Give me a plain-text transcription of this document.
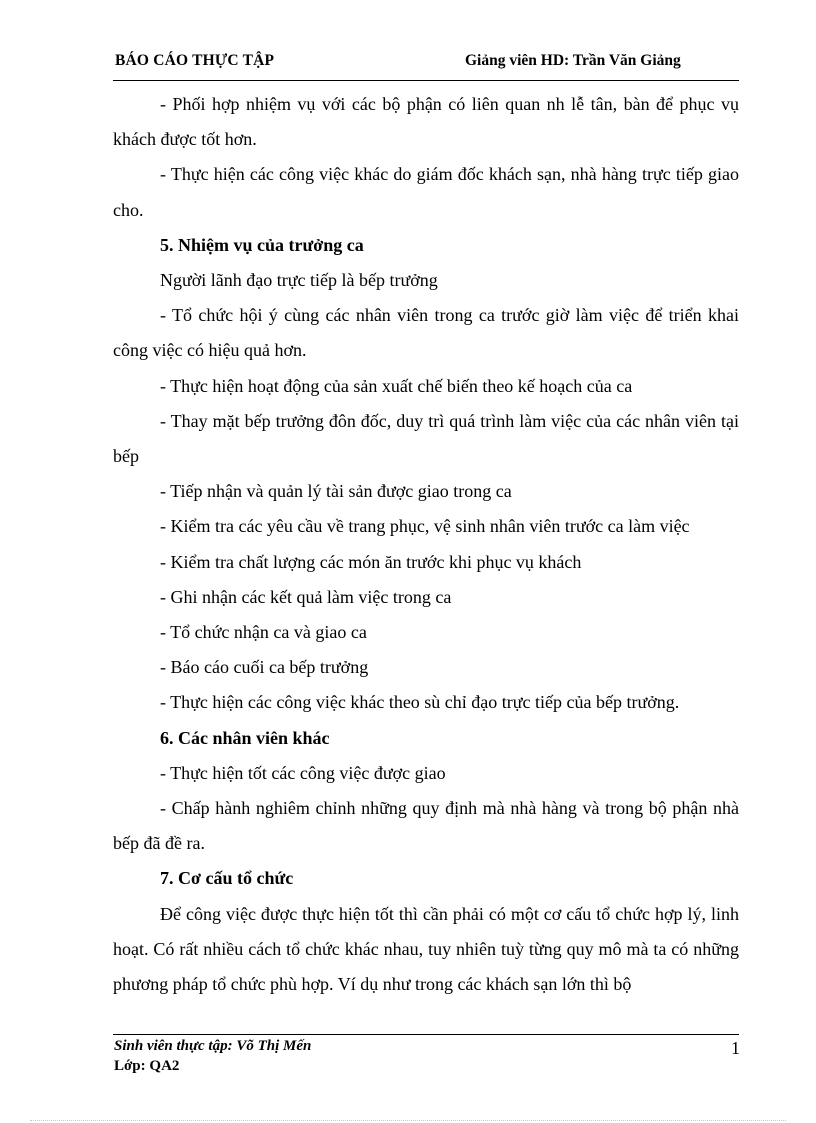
BÁO CÁO THỰC TẬP	Giảng viên HD: Trần Văn Giảng

- Phối hợp nhiệm vụ với các bộ phận có liên quan nh lễ tân, bàn để phục vụ khách được tốt hơn.

- Thực hiện các công việc khác do giám đốc khách sạn, nhà hàng trực tiếp giao cho.

5. Nhiệm vụ của trưởng ca

Người lãnh đạo trực tiếp là bếp trưởng

- Tổ chức hội ý cùng các nhân viên trong ca trước giờ làm việc để triển khai công việc có hiệu quả hơn.

- Thực hiện hoạt động của sản xuất chế biến theo kế hoạch của ca

- Thay mặt bếp trưởng đôn đốc, duy trì quá trình làm việc của các nhân viên tại bếp

- Tiếp nhận và quản lý tài sản được giao trong ca

- Kiểm tra các yêu cầu về trang phục, vệ sinh nhân viên trước ca làm việc

- Kiểm tra chất lượng các món ăn trước khi phục vụ khách

- Ghi nhận các kết quả làm việc trong ca

- Tổ chức nhận ca và giao ca

- Báo cáo cuối ca bếp trưởng

- Thực hiện các công việc khác theo sù chỉ đạo trực tiếp của bếp trưởng.

6. Các nhân viên khác

- Thực hiện tốt các công việc được giao

- Chấp hành nghiêm chỉnh những quy định mà nhà hàng và trong bộ phận nhà bếp đã đề ra.

7. Cơ cấu tổ chức

Để công việc được thực hiện tốt thì cần phải có một cơ cấu tổ chức hợp lý, linh hoạt. Có rất nhiều cách tổ chức khác nhau, tuy nhiên tuỳ từng quy mô mà ta có những phương pháp tổ chức phù hợp. Ví dụ như trong các khách sạn lớn thì bộ

Sinh viên thực tập: Võ Thị Mến
Lớp: QA2
1
